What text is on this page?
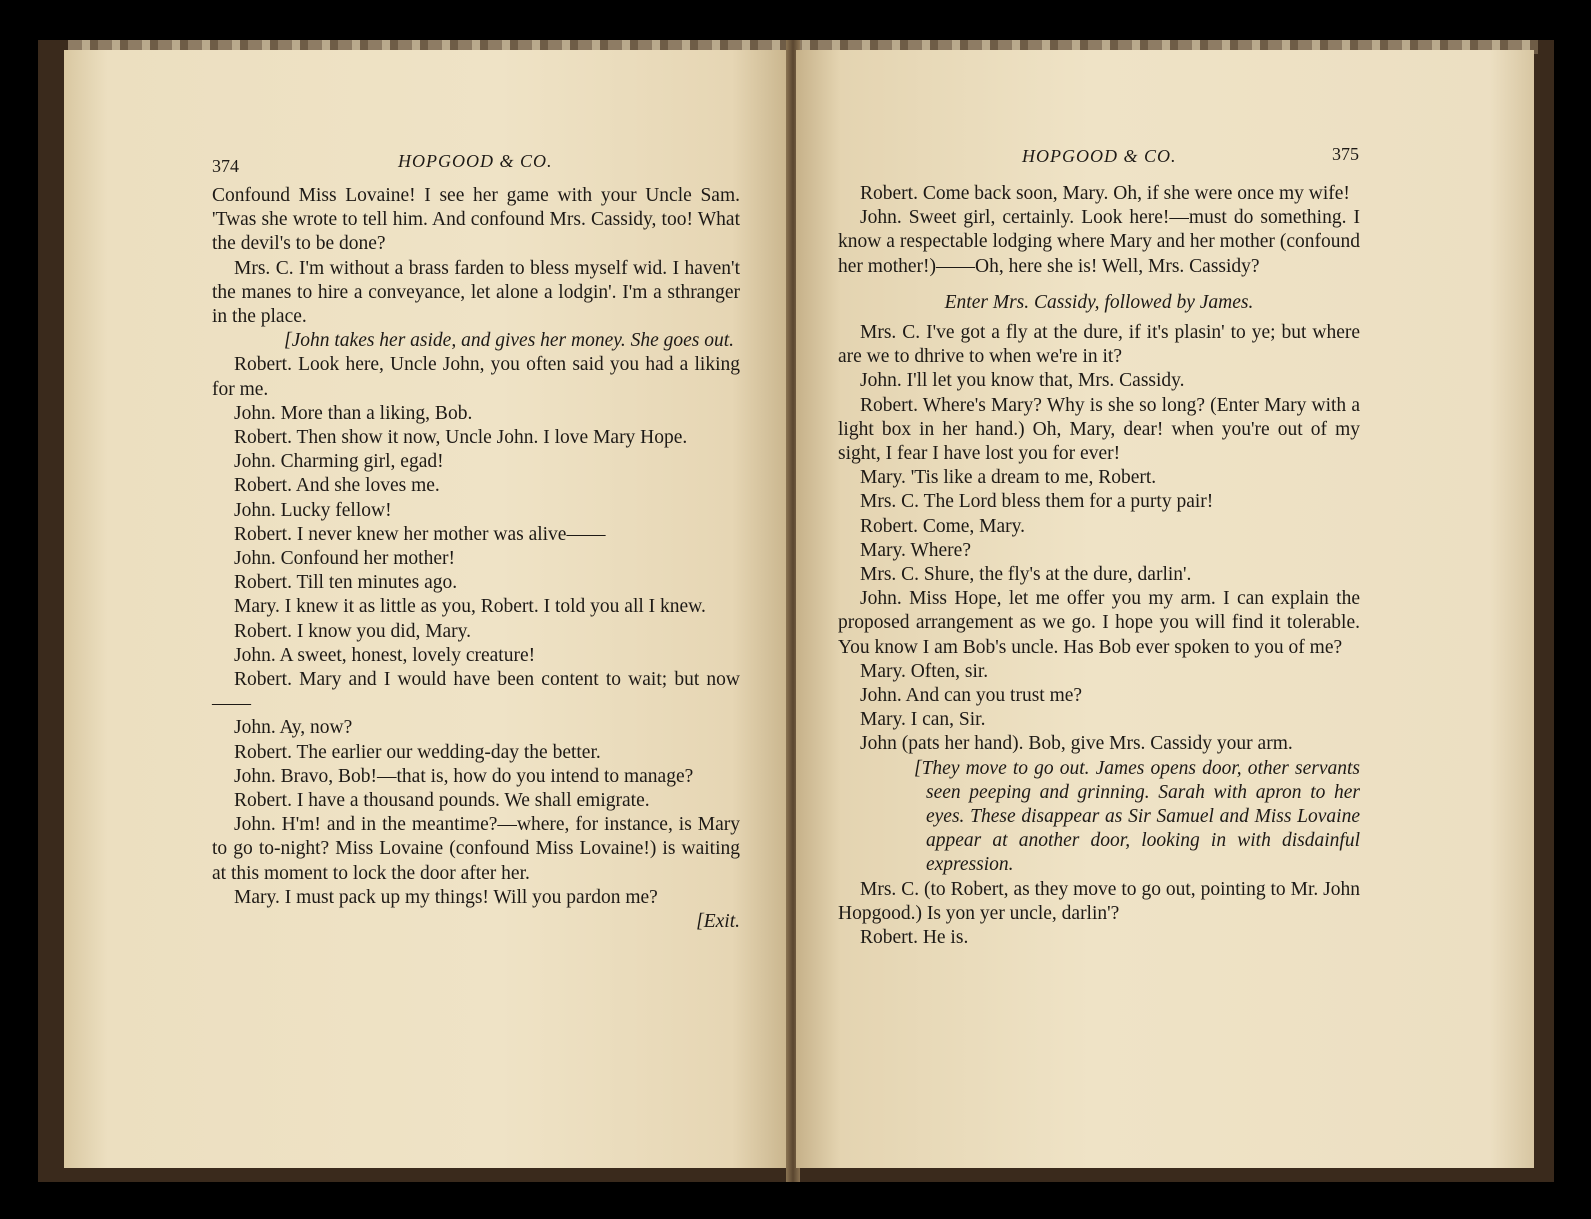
374	HOPGOOD & CO.

Confound Miss Lovaine! I see her game with your Uncle Sam. 'Twas she wrote to tell him. And confound Mrs. Cassidy, too! What the devil's to be done?

Mrs. C. I'm without a brass farden to bless myself wid. I haven't the manes to hire a conveyance, let alone a lodgin'. I'm a sthranger in the place.

[John takes her aside, and gives her money. She goes out.

Robert. Look here, Uncle John, you often said you had a liking for me.

John. More than a liking, Bob.

Robert. Then show it now, Uncle John. I love Mary Hope.

John. Charming girl, egad!

Robert. And she loves me.

John. Lucky fellow!

Robert. I never knew her mother was alive——

John. Confound her mother!

Robert. Till ten minutes ago.

Mary. I knew it as little as you, Robert. I told you all I knew.

Robert. I know you did, Mary.

John. A sweet, honest, lovely creature!

Robert. Mary and I would have been content to wait; but now——

John. Ay, now?

Robert. The earlier our wedding-day the better.

John. Bravo, Bob!—that is, how do you intend to manage?

Robert. I have a thousand pounds. We shall emigrate.

John. H'm! and in the meantime?—where, for instance, is Mary to go to-night? Miss Lovaine (confound Miss Lovaine!) is waiting at this moment to lock the door after her.

Mary. I must pack up my things! Will you pardon me?

[Exit.

HOPGOOD & CO.	375

Robert. Come back soon, Mary. Oh, if she were once my wife!

John. Sweet girl, certainly. Look here!—must do something. I know a respectable lodging where Mary and her mother (confound her mother!)——Oh, here she is! Well, Mrs. Cassidy?

Enter Mrs. Cassidy, followed by James.

Mrs. C. I've got a fly at the dure, if it's plasin' to ye; but where are we to dhrive to when we're in it?

John. I'll let you know that, Mrs. Cassidy.

Robert. Where's Mary? Why is she so long? (Enter Mary with a light box in her hand.) Oh, Mary, dear! when you're out of my sight, I fear I have lost you for ever!

Mary. 'Tis like a dream to me, Robert.

Mrs. C. The Lord bless them for a purty pair!

Robert. Come, Mary.

Mary. Where?

Mrs. C. Shure, the fly's at the dure, darlin'.

John. Miss Hope, let me offer you my arm. I can explain the proposed arrangement as we go. I hope you will find it tolerable. You know I am Bob's uncle. Has Bob ever spoken to you of me?

Mary. Often, sir.

John. And can you trust me?

Mary. I can, Sir.

John (pats her hand). Bob, give Mrs. Cassidy your arm.

[They move to go out. James opens door, other servants seen peeping and grinning. Sarah with apron to her eyes. These disappear as Sir Samuel and Miss Lovaine appear at another door, looking in with disdainful expression.

Mrs. C. (to Robert, as they move to go out, pointing to Mr. John Hopgood.) Is yon yer uncle, darlin'?

Robert. He is.
